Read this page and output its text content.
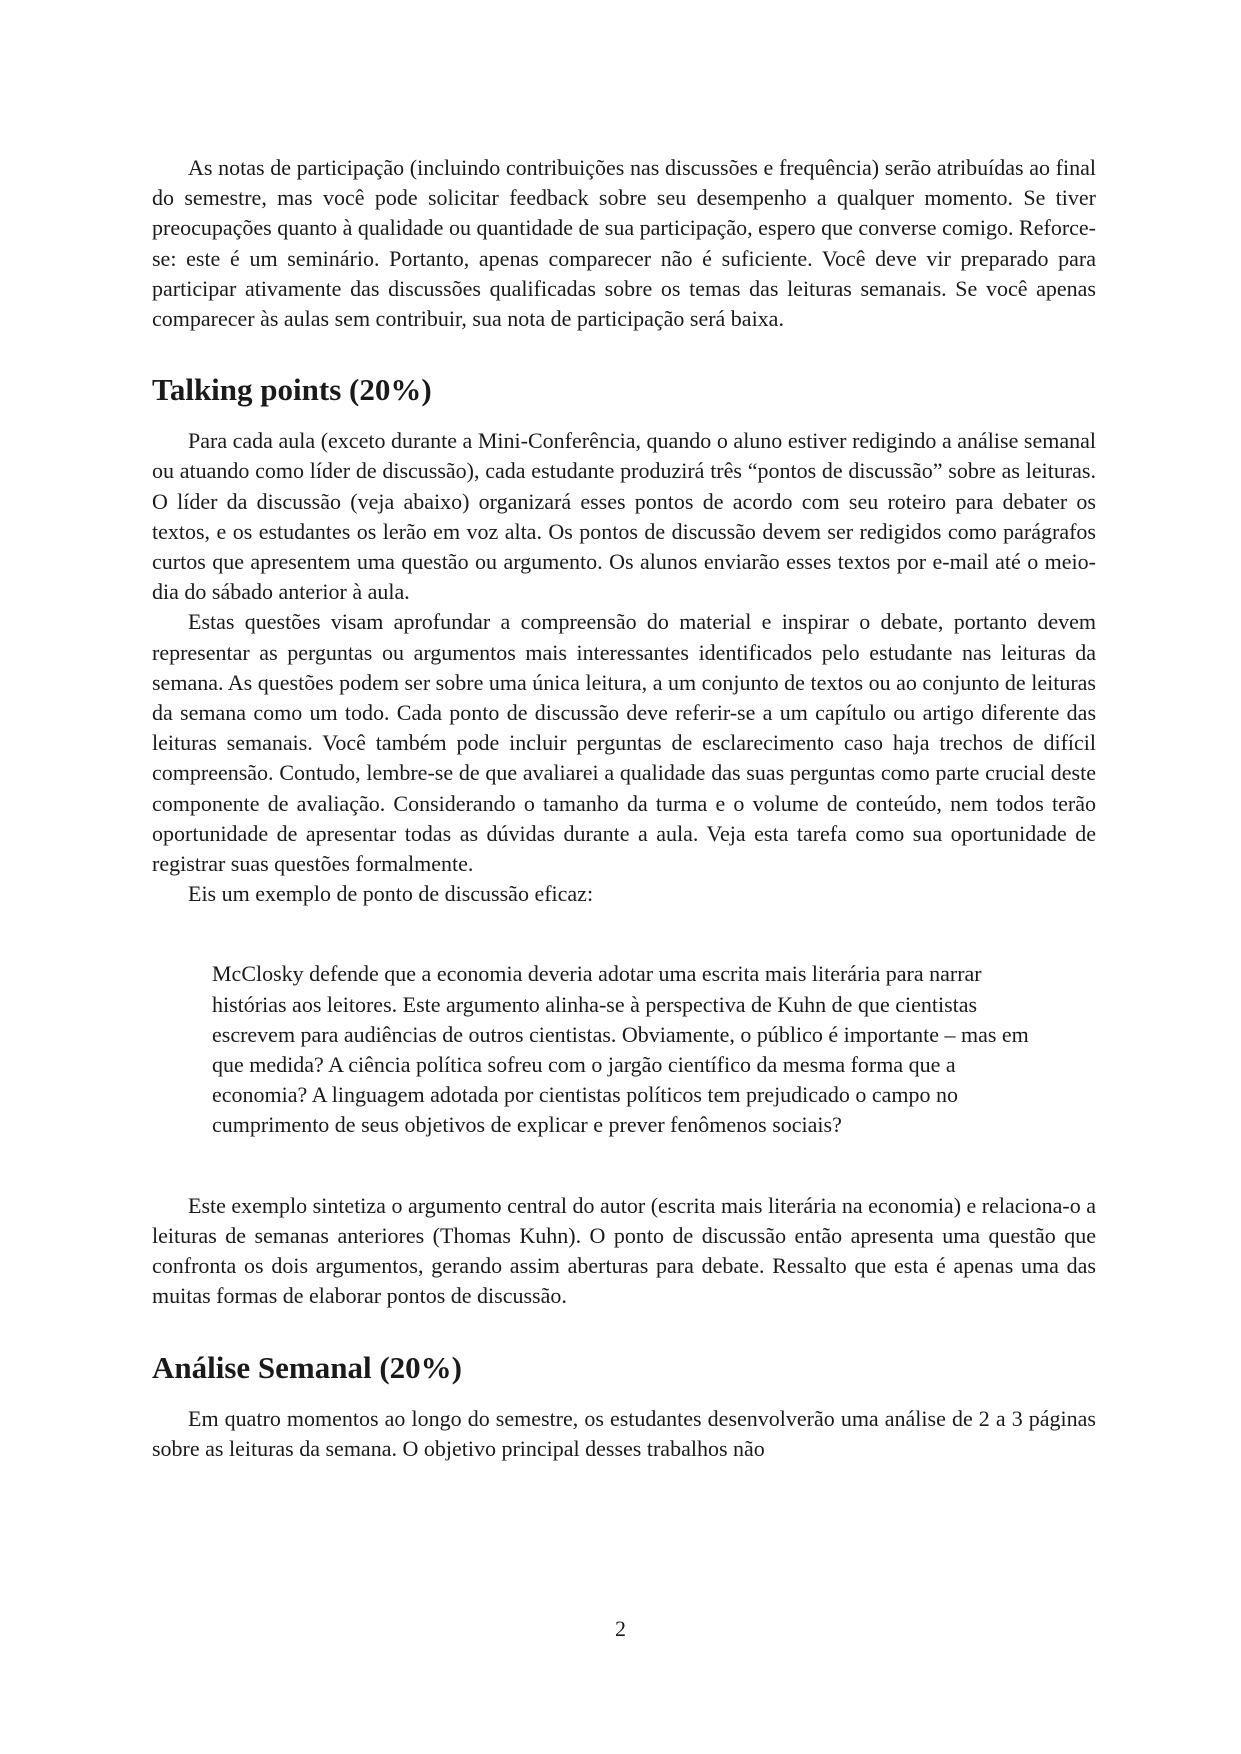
As notas de participação (incluindo contribuições nas discussões e frequência) serão atribuídas ao final do semestre, mas você pode solicitar feedback sobre seu desempenho a qualquer momento. Se tiver preocupações quanto à qualidade ou quantidade de sua participação, espero que converse comigo. Reforce-se: este é um seminário. Portanto, apenas comparecer não é suficiente. Você deve vir preparado para participar ativamente das discussões qualificadas sobre os temas das leituras semanais. Se você apenas comparecer às aulas sem contribuir, sua nota de participação será baixa.

Talking points (20%)

Para cada aula (exceto durante a Mini-Conferência, quando o aluno estiver redigindo a análise semanal ou atuando como líder de discussão), cada estudante produzirá três “pontos de discussão” sobre as leituras. O líder da discussão (veja abaixo) organizará esses pontos de acordo com seu roteiro para debater os textos, e os estudantes os lerão em voz alta. Os pontos de discussão devem ser redigidos como parágrafos curtos que apresentem uma questão ou argumento. Os alunos enviarão esses textos por e-mail até o meio-dia do sábado anterior à aula.

Estas questões visam aprofundar a compreensão do material e inspirar o debate, portanto devem representar as perguntas ou argumentos mais interessantes identificados pelo estudante nas leituras da semana. As questões podem ser sobre uma única leitura, a um conjunto de textos ou ao conjunto de leituras da semana como um todo. Cada ponto de discussão deve referir-se a um capítulo ou artigo diferente das leituras semanais. Você também pode incluir perguntas de esclarecimento caso haja trechos de difícil compreensão. Contudo, lembre-se de que avaliarei a qualidade das suas perguntas como parte crucial deste componente de avaliação. Considerando o tamanho da turma e o volume de conteúdo, nem todos terão oportunidade de apresentar todas as dúvidas durante a aula. Veja esta tarefa como sua oportunidade de registrar suas questões formalmente.

Eis um exemplo de ponto de discussão eficaz:

McClosky defende que a economia deveria adotar uma escrita mais literária para narrar histórias aos leitores. Este argumento alinha-se à perspectiva de Kuhn de que cientistas escrevem para audiências de outros cientistas. Obviamente, o público é importante – mas em que medida? A ciência política sofreu com o jargão científico da mesma forma que a economia? A linguagem adotada por cientistas políticos tem prejudicado o campo no cumprimento de seus objetivos de explicar e prever fenômenos sociais?

Este exemplo sintetiza o argumento central do autor (escrita mais literária na economia) e relaciona-o a leituras de semanas anteriores (Thomas Kuhn). O ponto de discussão então apresenta uma questão que confronta os dois argumentos, gerando assim aberturas para debate. Ressalto que esta é apenas uma das muitas formas de elaborar pontos de discussão.

Análise Semanal (20%)

Em quatro momentos ao longo do semestre, os estudantes desenvolverão uma análise de 2 a 3 páginas sobre as leituras da semana. O objetivo principal desses trabalhos não

2
